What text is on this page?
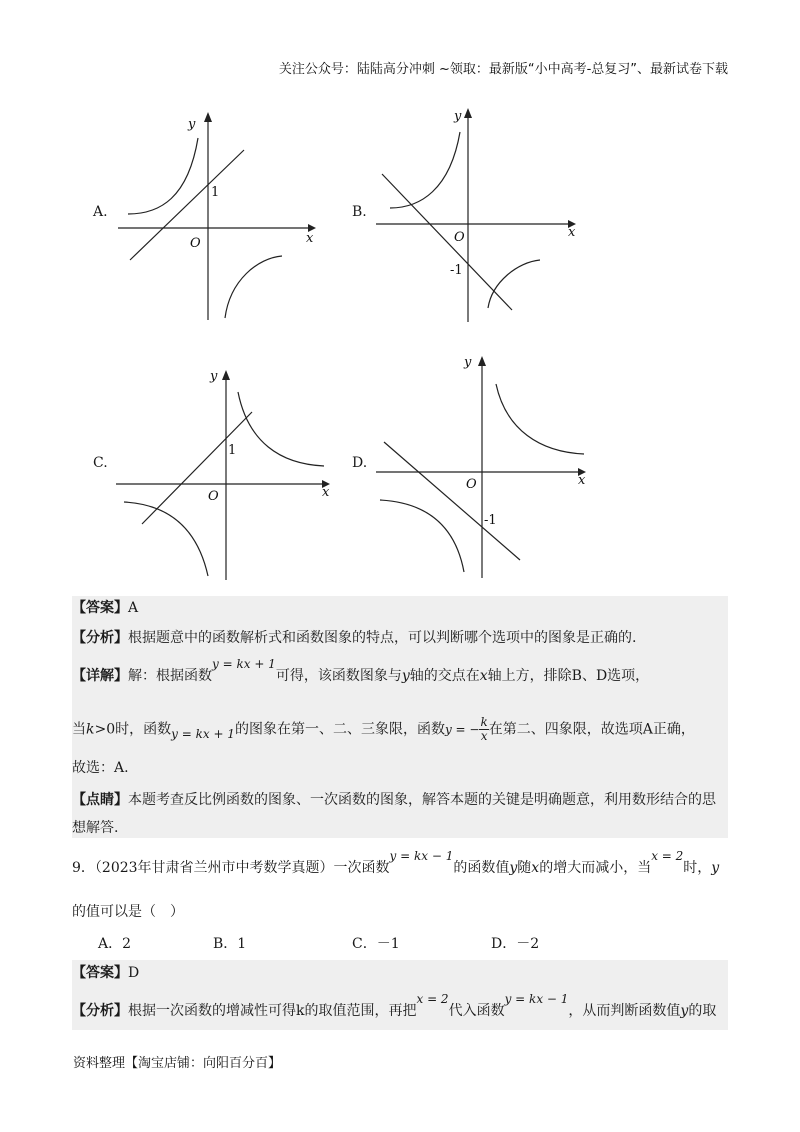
关注公众号：陆陆高分冲刺 ~领取：最新版“小中高考-总复习”、最新试卷下载
A.
y
x
O
1
B.
y
x
O
-1
C.
y
x
O
1
D.
y
x
O
-1
【答案】A
【分析】根据题意中的函数解析式和函数图象的特点，可以判断哪个选项中的图象是正确的.
【详解】解：根据函数y = kx + 1可得，该函数图象与y轴的交点在x轴上方，排除B、D选项，
当k>0时，函数y = kx + 1的图象在第一、二、三象限，函数y = − $\frac{k}{x}$ 在第二、四象限，故选项A正确，
故选：A.
【点睛】本题考查反比例函数的图象、一次函数的图象，解答本题的关键是明确题意，利用数形结合的思
想解答.
9．（2023年甘肃省兰州市中考数学真题）一次函数y = kx − 1的函数值y随x的增大而减小，当x = 2时，y
的值可以是（　）
A．2	B．1	C．－1	D．－2
【答案】D
【分析】根据一次函数的增减性可得k的取值范围，再把x = 2代入函数y = kx − 1，从而判断函数值y的取
资料整理【淘宝店铺：向阳百分百】
